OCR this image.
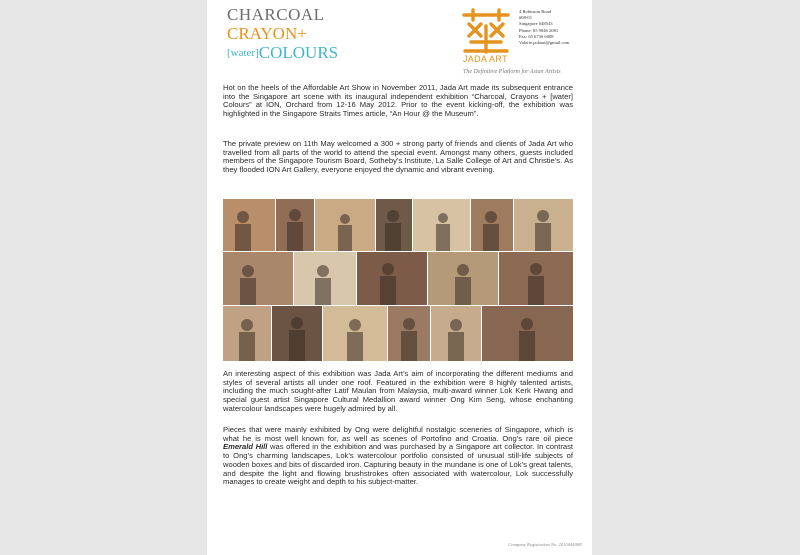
CHARCOAL
CRAYON+
[water]COLOURS	JADA ART
4 Robinson Road
#08-01
Singapore 048543
Phone: 65 9846 2081
Fax: 65 6736 6008
Valerie.jadaart@gmail.com
The Definitive Platform for Asian Artists

Hot on the heels of the Affordable Art Show in November 2011, Jada Art made its subsequent entrance into the Singapore art scene with its inaugural independent exhibition “Charcoal, Crayons + [water] Colours” at ION, Orchard from 12-16 May 2012. Prior to the event kicking-off, the exhibition was highlighted in the Singapore Straits Times article, “An Hour @ the Museum”.

The private preview on 11th May welcomed a 300 + strong party of friends and clients of Jada Art who travelled from all parts of the world to attend the special event. Amongst many others, guests included members of the Singapore Tourism Board, Sotheby’s Institute, La Salle College of Art and Christie’s. As they flooded ION Art Gallery, everyone enjoyed the dynamic and vibrant evening.

An interesting aspect of this exhibition was Jada Art’s aim of incorporating the different mediums and styles of several artists all under one roof. Featured in the exhibition were 8 highly talented artists, including the much sought-after Latif Maulan from Malaysia, multi-award winner Lok Kerk Hwang and special guest artist Singapore Cultural Medallion award winner Ong Kim Seng, whose enchanting watercolour landscapes were hugely admired by all.

Pieces that were mainly exhibited by Ong were delightful nostalgic sceneries of Singapore, which is what he is most well known for, as well as scenes of Portofino and Croatia. Ong’s rare oil piece Emerald Hill was offered in the exhibition and was purchased by a Singapore art collector. In contrast to Ong’s charming landscapes, Lok’s watercolour portfolio consisted of unusual still-life subjects of wooden boxes and bits of discarded iron. Capturing beauty in the mundane is one of Lok’s great talents, and despite the light and flowing brushstrokes often associated with watercolour, Lok successfully manages to create weight and depth to his subject-matter.

Company Registration No. 201004408E
